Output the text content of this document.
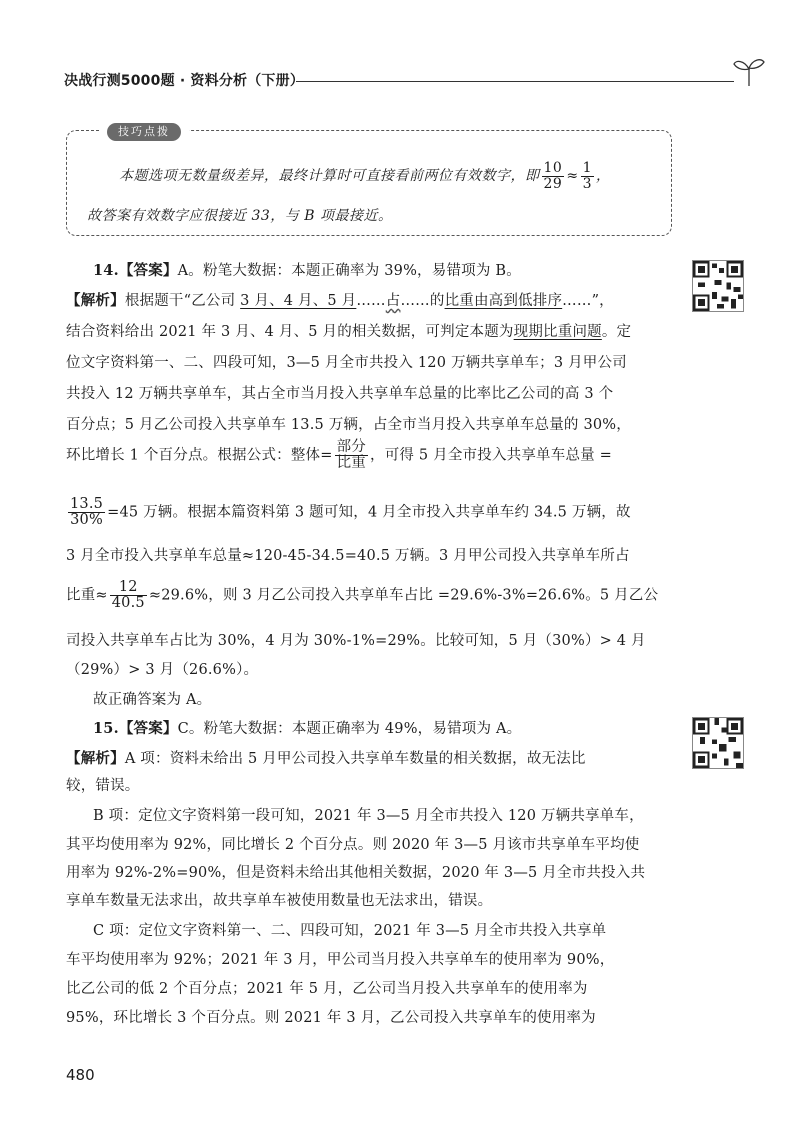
决战行测5000题 · 资料分析（下册）
技巧点拨
本题选项无数量级差异，最终计算时可直接看前两位有效数字，即 $\frac{10}{29} \approx \frac{1}{3}$ ，
故答案有效数字应很接近 33，与 B 项最接近。
14.【答案】A。粉笔大数据：本题正确率为 39%，易错项为 B。
【解析】根据题干“乙公司 3 月、4 月、5 月……占……的比重由高到低排序……”，
结合资料给出 2021 年 3 月、4 月、5 月的相关数据，可判定本题为现期比重问题。定
位文字资料第一、二、四段可知，3—5 月全市共投入 120 万辆共享单车；3 月甲公司
共投入 12 万辆共享单车，其占全市当月投入共享单车总量的比率比乙公司的高 3 个
百分点；5 月乙公司投入共享单车 13.5 万辆，占全市当月投入共享单车总量的 30%，
环比增长 1 个百分点。根据公式：整体= $\frac{\text{部分}}{\text{比重}}$ ，可得 5 月全市投入共享单车总量 =
$\frac{13.5}{30\%} =45$ 万辆。根据本篇资料第 3 题可知，4 月全市投入共享单车约 34.5 万辆，故
3 月全市投入共享单车总量≈120-45-34.5=40.5 万辆。3 月甲公司投入共享单车所占
比重≈ $\frac{12}{40.5} \approx 29.6\%$，则 3 月乙公司投入共享单车占比 =29.6%-3%=26.6%。5 月乙公
司投入共享单车占比为 30%，4 月为 30%-1%=29%。比较可知，5 月（30%）> 4 月
（29%）> 3 月（26.6%）。
故正确答案为 A。
15.【答案】C。粉笔大数据：本题正确率为 49%，易错项为 A。
【解析】A 项：资料未给出 5 月甲公司投入共享单车数量的相关数据，故无法比
较，错误。
B 项：定位文字资料第一段可知，2021 年 3—5 月全市共投入 120 万辆共享单车，
其平均使用率为 92%，同比增长 2 个百分点。则 2020 年 3—5 月该市共享单车平均使
用率为 92%-2%=90%，但是资料未给出其他相关数据，2020 年 3—5 月全市共投入共
享单车数量无法求出，故共享单车被使用数量也无法求出，错误。
C 项：定位文字资料第一、二、四段可知，2021 年 3—5 月全市共投入共享单
车平均使用率为 92%；2021 年 3 月，甲公司当月投入共享单车的使用率为 90%，
比乙公司的低 2 个百分点；2021 年 5 月，乙公司当月投入共享单车的使用率为
95%，环比增长 3 个百分点。则 2021 年 3 月，乙公司投入共享单车的使用率为
480
